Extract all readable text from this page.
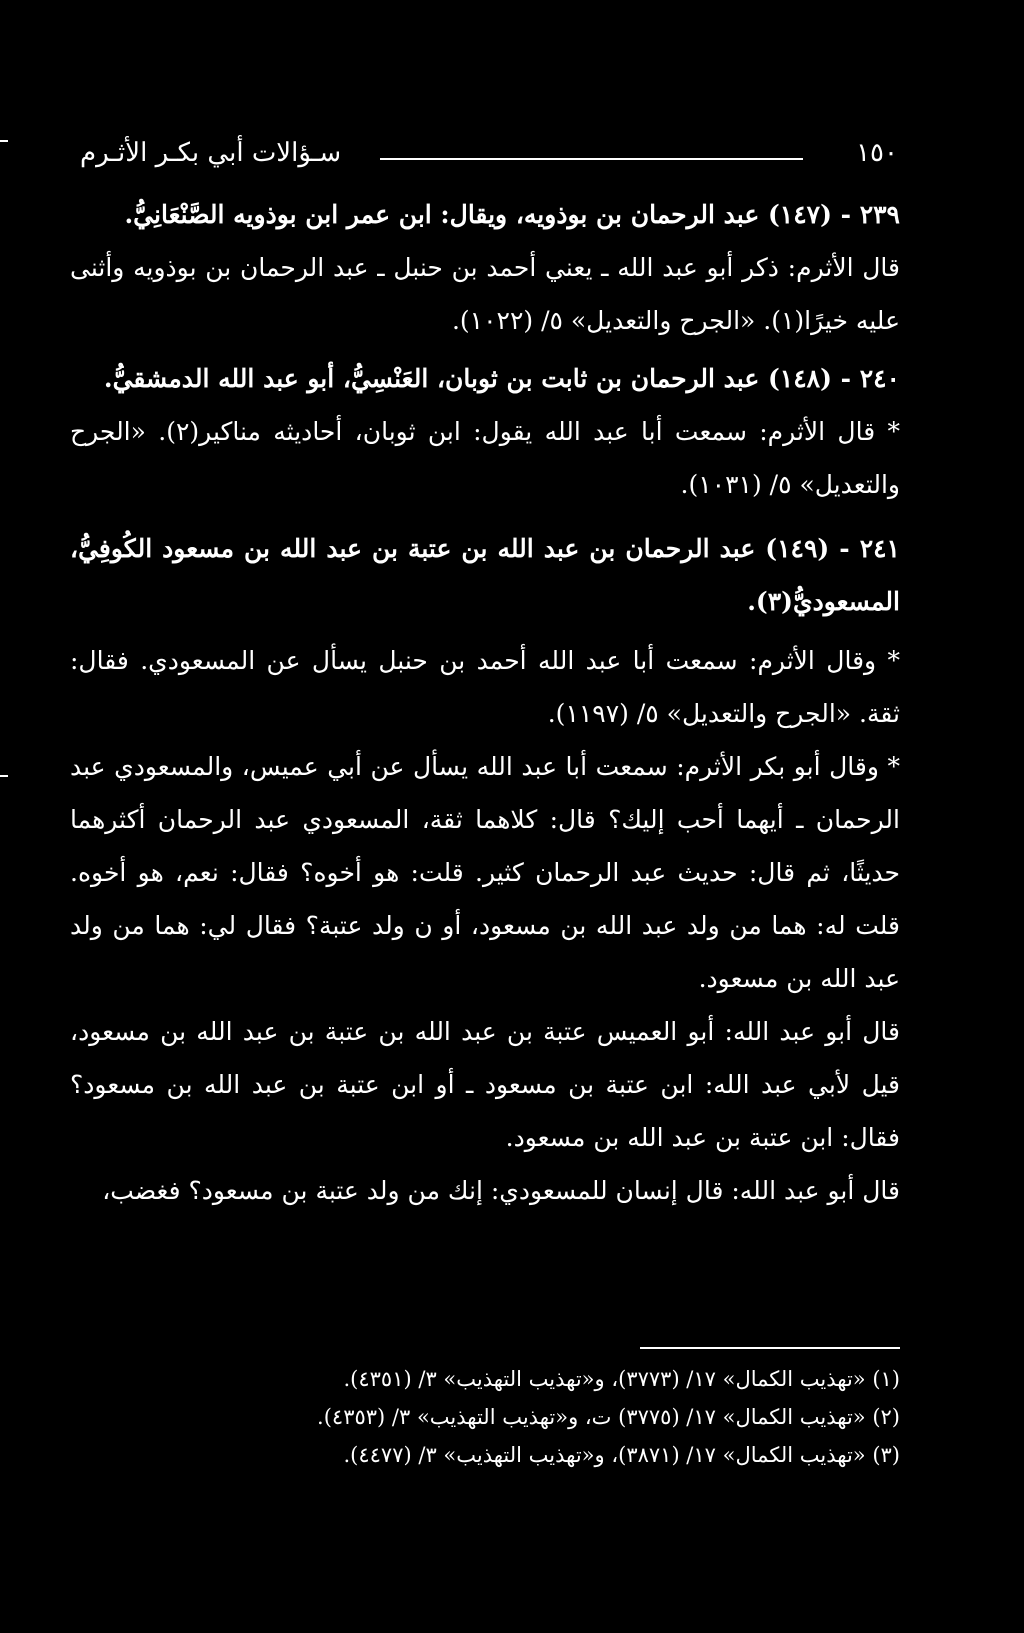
سـؤالات أبي بكـر الأثـرم	١٥٠

٢٣٩ - (١٤٧) عبد الرحمان بن بوذويه، ويقال: ابن عمر ابن بوذويه الصَّنْعَانِيُّ.

قال الأثرم: ذكر أبو عبد الله ـ يعني أحمد بن حنبل ـ عبد الرحمان بن بوذويه وأثنى عليه خيرًا(١). «الجرح والتعديل» ٥/ (١٠٢٢).

٢٤٠ - (١٤٨) عبد الرحمان بن ثابت بن ثوبان، العَنْسِيُّ، أبو عبد الله الدمشقيُّ.

* قال الأثرم: سمعت أبا عبد الله يقول: ابن ثوبان، أحاديثه مناكير(٢). «الجرح والتعديل» ٥/ (١٠٣١).

٢٤١ - (١٤٩) عبد الرحمان بن عبد الله بن عتبة بن عبد الله بن مسعود الكُوفِيُّ، المسعوديُّ(٣).

* وقال الأثرم: سمعت أبا عبد الله أحمد بن حنبل يسأل عن المسعودي. فقال: ثقة. «الجرح والتعديل» ٥/ (١١٩٧).

* وقال أبو بكر الأثرم: سمعت أبا عبد الله يسأل عن أبي عميس، والمسعودي عبد الرحمان ـ أيهما أحب إليك؟ قال: كلاهما ثقة، المسعودي عبد الرحمان أكثرهما حديثًا، ثم قال: حديث عبد الرحمان كثير. قلت: هو أخوه؟ فقال: نعم، هو أخوه. قلت له: هما من ولد عبد الله بن مسعود، أو ن ولد عتبة؟ فقال لي: هما من ولد عبد الله بن مسعود.

قال أبو عبد الله: أبو العميس عتبة بن عبد الله بن عتبة بن عبد الله بن مسعود، قيل لأبي عبد الله: ابن عتبة بن مسعود ـ أو ابن عتبة بن عبد الله بن مسعود؟ فقال: ابن عتبة بن عبد الله بن مسعود.

قال أبو عبد الله: قال إنسان للمسعودي: إنك من ولد عتبة بن مسعود؟ فغضب،

(١) «تهذيب الكمال» ١٧/ (٣٧٧٣)، و«تهذيب التهذيب» ٣/ (٤٣٥١).
(٢) «تهذيب الكمال» ١٧/ (٣٧٧٥) ت، و«تهذيب التهذيب» ٣/ (٤٣٥٣).
(٣) «تهذيب الكمال» ١٧/ (٣٨٧١)، و«تهذيب التهذيب» ٣/ (٤٤٧٧).
